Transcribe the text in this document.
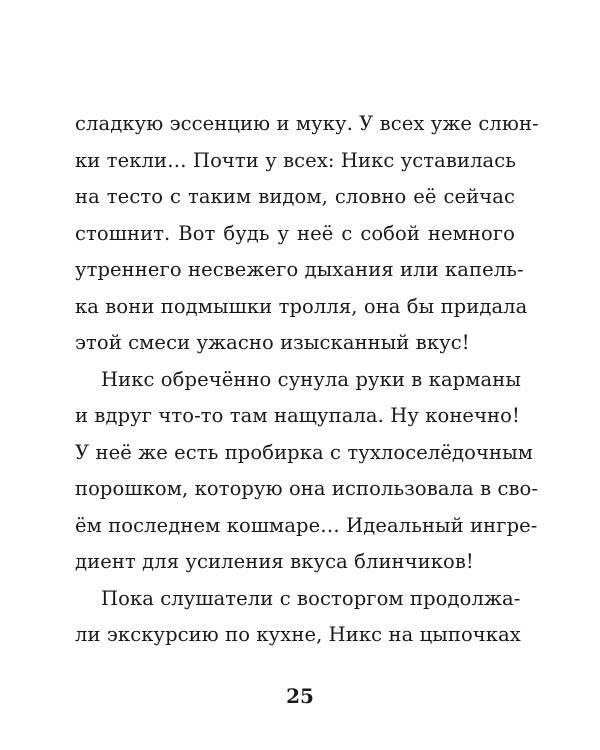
сладкую эссенцию и муку. У всех уже слюн-
ки текли… Почти у всех: Никс уставилась
на тесто с таким видом, словно её сейчас
стошнит. Вот будь у неё с собой немного
утреннего несвежего дыхания или капель-
ка вони подмышки тролля, она бы придала
этой смеси ужасно изысканный вкус!
Никс обречённо сунула руки в карманы
и вдруг что-то там нащупала. Ну конечно!
У неё же есть пробирка с тухлоселёдочным
порошком, которую она использовала в сво-
ём последнем кошмаре… Идеальный ингре-
диент для усиления вкуса блинчиков!
Пока слушатели с восторгом продолжа-
ли экскурсию по кухне, Никс на цыпочках
25
